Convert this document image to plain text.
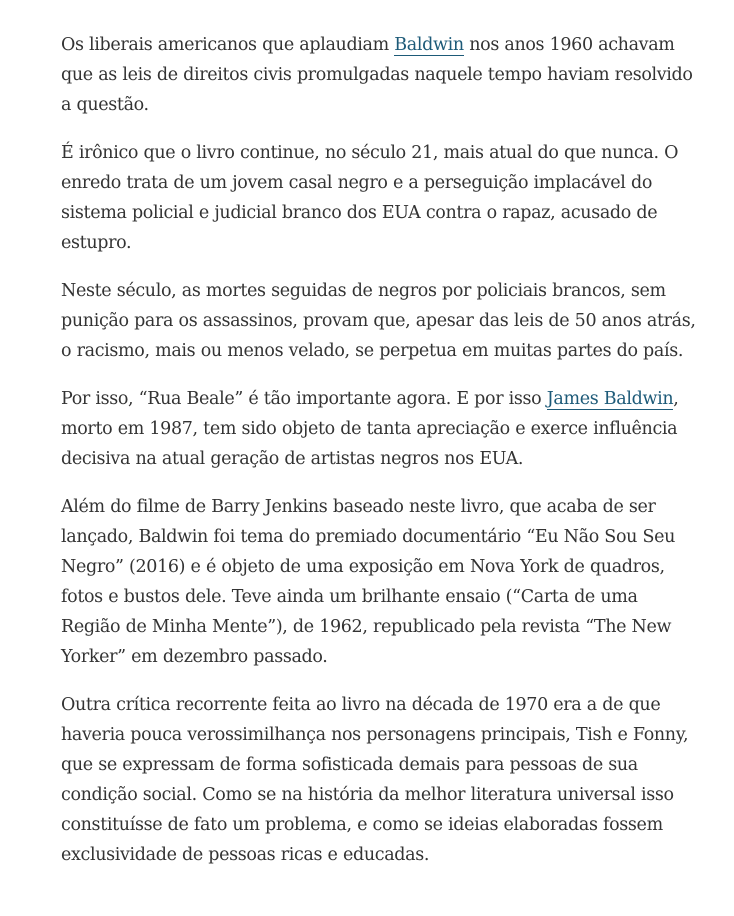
Os liberais americanos que aplaudiam Baldwin nos anos 1960 achavam que as leis de direitos civis promulgadas naquele tempo haviam resolvido a questão.

É irônico que o livro continue, no século 21, mais atual do que nunca. O enredo trata de um jovem casal negro e a perseguição implacável do sistema policial e judicial branco dos EUA contra o rapaz, acusado de estupro.

Neste século, as mortes seguidas de negros por policiais brancos, sem punição para os assassinos, provam que, apesar das leis de 50 anos atrás, o racismo, mais ou menos velado, se perpetua em muitas partes do país.

Por isso, “Rua Beale” é tão importante agora. E por isso James Baldwin, morto em 1987, tem sido objeto de tanta apreciação e exerce influência decisiva na atual geração de artistas negros nos EUA.

Além do filme de Barry Jenkins baseado neste livro, que acaba de ser lançado, Baldwin foi tema do premiado documentário “Eu Não Sou Seu Negro” (2016) e é objeto de uma exposição em Nova York de quadros, fotos e bustos dele. Teve ainda um brilhante ensaio (“Carta de uma Região de Minha Mente”), de 1962, republicado pela revista “The New Yorker” em dezembro passado.

Outra crítica recorrente feita ao livro na década de 1970 era a de que haveria pouca verossimilhança nos personagens principais, Tish e Fonny, que se expressam de forma sofisticada demais para pessoas de sua condição social. Como se na história da melhor literatura universal isso constituísse de fato um problema, e como se ideias elaboradas fossem exclusividade de pessoas ricas e educadas.
